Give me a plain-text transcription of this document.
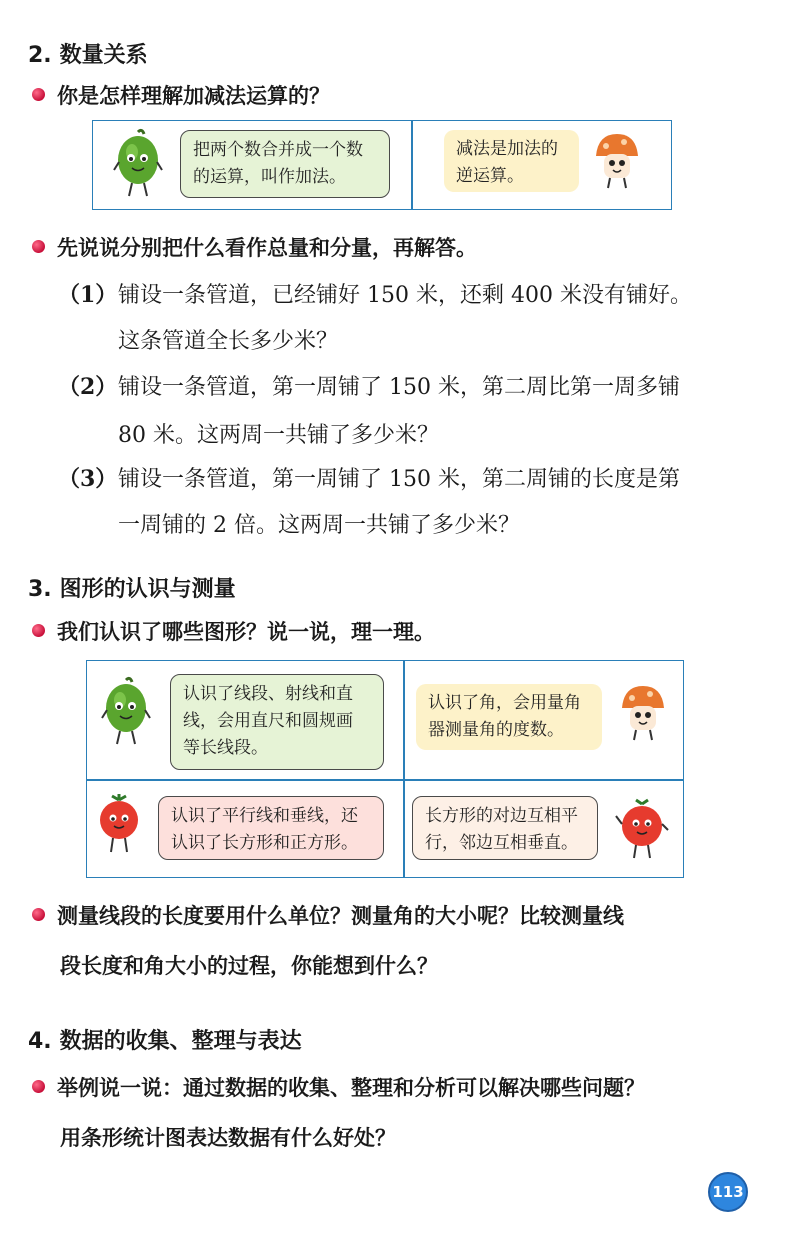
2. 数量关系
你是怎样理解加减法运算的？
把两个数合并成一个数
的运算，叫作加法。
减法是加法的
逆运算。
先说说分别把什么看作总量和分量，再解答。
（1）铺设一条管道，已经铺好 150 米，还剩 400 米没有铺好。
这条管道全长多少米？
（2）铺设一条管道，第一周铺了 150 米，第二周比第一周多铺
80 米。这两周一共铺了多少米？
（3）铺设一条管道，第一周铺了 150 米，第二周铺的长度是第
一周铺的 2 倍。这两周一共铺了多少米？
3. 图形的认识与测量
我们认识了哪些图形？说一说，理一理。
认识了线段、射线和直
线，会用直尺和圆规画
等长线段。
认识了角，会用量角
器测量角的度数。
认识了平行线和垂线，还
认识了长方形和正方形。
长方形的对边互相平
行，邻边互相垂直。
测量线段的长度要用什么单位？测量角的大小呢？比较测量线
段长度和角大小的过程，你能想到什么？
4. 数据的收集、整理与表达
举例说一说：通过数据的收集、整理和分析可以解决哪些问题？
用条形统计图表达数据有什么好处？
113
